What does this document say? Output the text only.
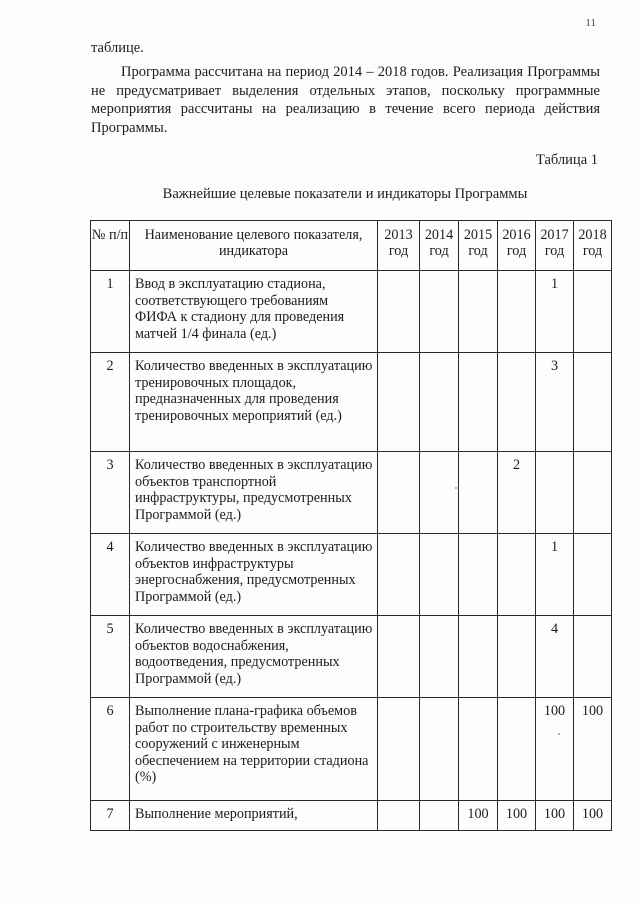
11
таблице.
Программа рассчитана на период 2014 – 2018 годов. Реализация Программы не предусматривает выделения отдельных этапов, поскольку программные мероприятия рассчитаны на реализацию в течение всего периода действия Программы.
Таблица 1
Важнейшие целевые показатели и индикаторы Программы
№ п/п	Наименование целевого показателя, индикатора	2013 год	2014 год	2015 год	2016 год	2017 год	2018 год
1	Ввод в эксплуатацию стадиона, соответствующего требованиям ФИФА к стадиону для проведения матчей 1/4 финала (ед.)					1	
2	Количество введенных в эксплуатацию тренировочных площадок, предназначенных для проведения тренировочных мероприятий (ед.)					3	
3	Количество введенных в эксплуатацию объектов транспортной инфраструктуры, предусмотренных Программой (ед.)				2		
4	Количество введенных в эксплуатацию объектов инфраструктуры энергоснабжения, предусмотренных Программой (ед.)					1	
5	Количество введенных в эксплуатацию объектов водоснабжения, водоотведения, предусмотренных Программой (ед.)					4	
6	Выполнение плана-графика объемов работ по строительству временных сооружений с инженерным обеспечением на территории стадиона (%)					100	100
7	Выполнение мероприятий,			100	100	100	100
